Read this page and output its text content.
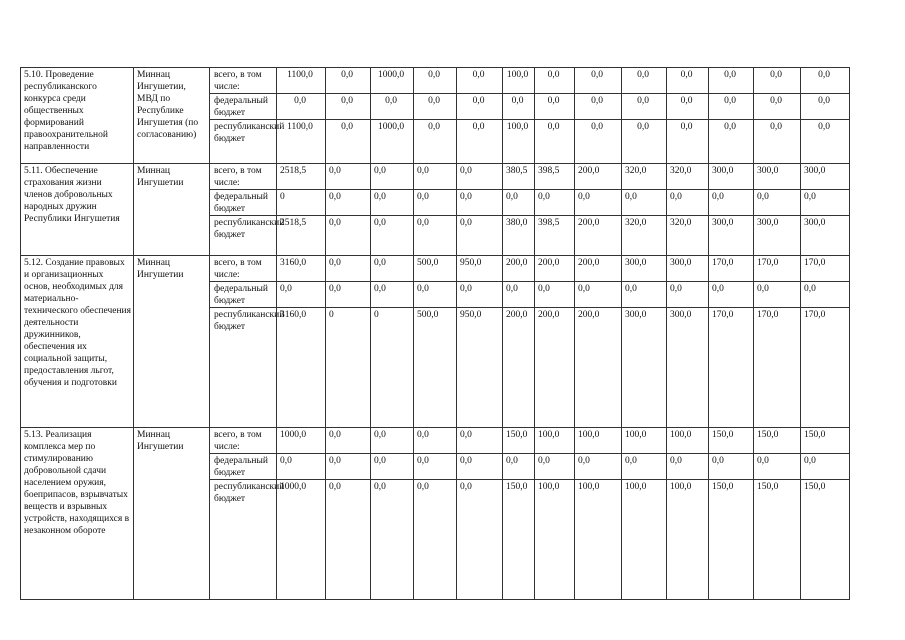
5.10. Проведение республиканского конкурса среди общественных формирований правоохранительной направленности	Миннац Ингушетии, МВД по Республике Ингушетия (по согласованию)	всего, в том числе:	1100,0	0,0	1000,0	0,0	0,0	100,0	0,0	0,0	0,0	0,0	0,0	0,0	0,0
		федеральный бюджет	0,0	0,0	0,0	0,0	0,0	0,0	0,0	0,0	0,0	0,0	0,0	0,0	0,0
		республиканский бюджет	1100,0	0,0	1000,0	0,0	0,0	100,0	0,0	0,0	0,0	0,0	0,0	0,0	0,0
5.11. Обеспечение страхования жизни членов добровольных народных дружин Республики Ингушетия	Миннац Ингушетии	всего, в том числе:	2518,5	0,0	0,0	0,0	0,0	380,5	398,5	200,0	320,0	320,0	300,0	300,0	300,0
		федеральный бюджет	0	0,0	0,0	0,0	0,0	0,0	0,0	0,0	0,0	0,0	0,0	0,0	0,0
		республиканский бюджет	2518,5	0,0	0,0	0,0	0,0	380,0	398,5	200,0	320,0	320,0	300,0	300,0	300,0
5.12. Создание правовых и организационных основ, необходимых для материально-технического обеспечения деятельности дружинников, обеспечения их социальной защиты, предоставления льгот, обучения и подготовки	Миннац Ингушетии	всего, в том числе:	3160,0	0,0	0,0	500,0	950,0	200,0	200,0	200,0	300,0	300,0	170,0	170,0	170,0
		федеральный бюджет	0,0	0,0	0,0	0,0	0,0	0,0	0,0	0,0	0,0	0,0	0,0	0,0	0,0
		республиканский бюджет	3160,0	0	0	500,0	950,0	200,0	200,0	200,0	300,0	300,0	170,0	170,0	170,0
5.13. Реализация комплекса мер по стимулированию добровольной сдачи населением оружия, боеприпасов, взрывчатых веществ и взрывных устройств, находящихся в незаконном обороте	Миннац Ингушетии	всего, в том числе:	1000,0	0,0	0,0	0,0	0,0	150,0	100,0	100,0	100,0	100,0	150,0	150,0	150,0
		федеральный бюджет	0,0	0,0	0,0	0,0	0,0	0,0	0,0	0,0	0,0	0,0	0,0	0,0	0,0
		республиканский бюджет	1000,0	0,0	0,0	0,0	0,0	150,0	100,0	100,0	100,0	100,0	150,0	150,0	150,0
